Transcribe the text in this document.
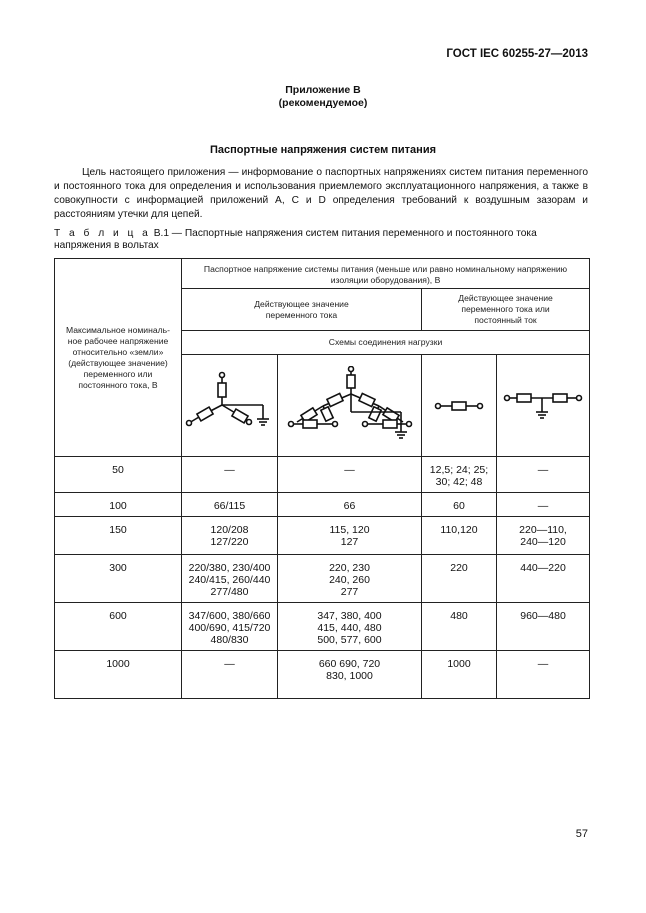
ГОСТ IEC 60255-27—2013
Приложение В
(рекомендуемое)
Паспортные напряжения систем питания
Цель настоящего приложения — информование о паспортных напряжениях систем питания переменного и постоянного тока для определения и использования приемлемого эксплуатационного напряжения, а также в совокупности с информацией приложений А, С и D определения требований к воздушным зазорам и расстояниям утечки для цепей.
Т а б л и ц а В.1 — Паспортные напряжения систем питания переменного и постоянного тока напряжения в вольтах
Максимальное номиналь-ное рабочее напряжение относительно «земли» (действующее значение) переменного или постоянного тока, В	Паспортное напряжение системы питания (меньше или равно номинальному напряжению изоляции оборудования), В			
	Действующее значение переменного тока		Действующее значение переменного тока или постоянный ток	
	Схемы соединения нагрузки			

50	—	—	12,5; 24; 25; 30; 42; 48	—
100	66/115	66	60	—
150	120/208 127/220	115, 120 127	110,120	220—110, 240—120
300	220/380, 230/400 240/415, 260/440 277/480	220, 230 240, 260 277	220	440—220
600	347/600, 380/660 400/690, 415/720 480/830	347, 380, 400 415, 440, 480 500, 577, 600	480	960—480
1000	—	660 690, 720 830, 1000	1000	—
57
